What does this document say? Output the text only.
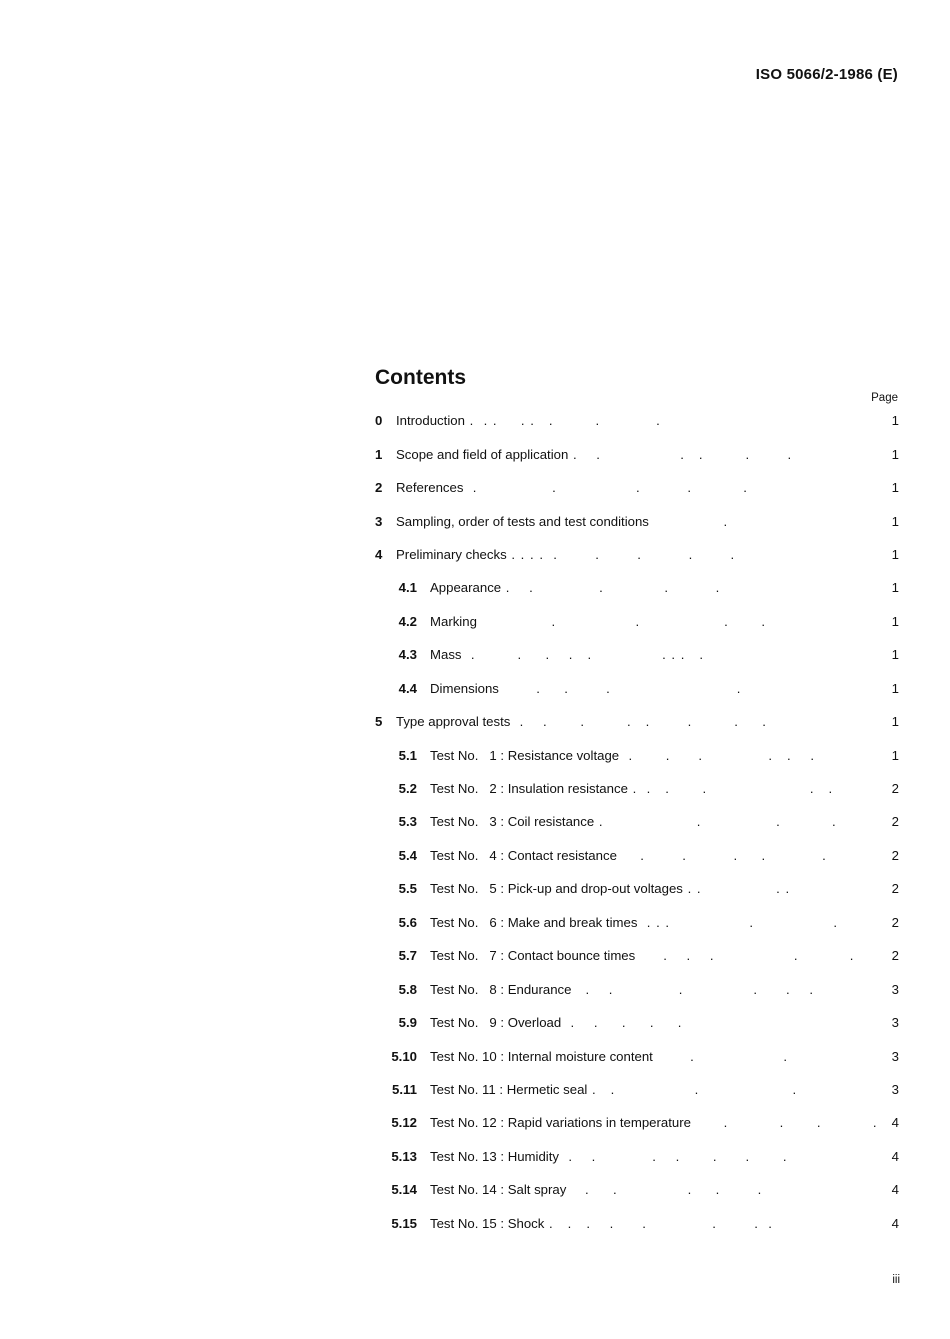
ISO 5066/2-1986 (E)
Contents
Page
0	Introduction .  . .     . .   .         .            .	1
1	Scope and field of application .    .                 .   .         .        .	1
2	References .                .                 .          .           .	1
3	Sampling, order of tests and test conditions .	1
4	Preliminary checks . . . .  .        .        .          .        .	1
4.1 Appearance .    .              .             .          .	1
4.2 Marking .                 .                  .       .	1
4.3 Mass .         .     .    .   .               . . .   .	1
4.4 Dimensions .     .        .                           .	1
5	Type approval tests .    .       .         .   .        .         .     .	1
5.1 Test No.   1 : Resistance voltage .       .      .              .   .    .	1
5.2 Test No.   2 : Insulation resistance .  .   .       .                      .   .	2
5.3 Test No.   3 : Coil resistance .                    .                .           .	2
5.4 Test No.   4 : Contact resistance .        .          .     .            .	2
5.5 Test No.   5 : Pick-up and drop-out voltages . .                . .	2
5.6 Test No.   6 : Make and break times . . .                 .                 .	2
5.7 Test No.   7 : Contact bounce times .    .    .                 .           .	2
5.8 Test No.   8 : Endurance .    .              .               .      .    .	3
5.9 Test No.   9 : Overload .    .     .     .     .	3
5.10 Test No. 10 : Internal moisture content .                   .	3
5.11 Test No. 11 : Hermetic seal .   .                 .                    .	3
5.12 Test No. 12 : Rapid variations in temperature .           .       .           .	4
5.13 Test No. 13 : Humidity .    .            .    .       .      .       .	4
5.14 Test No. 14 : Salt spray .     .               .     .        .	4
5.15 Test No. 15 : Shock .   .   .    .      .              .        .  .	4
iii
